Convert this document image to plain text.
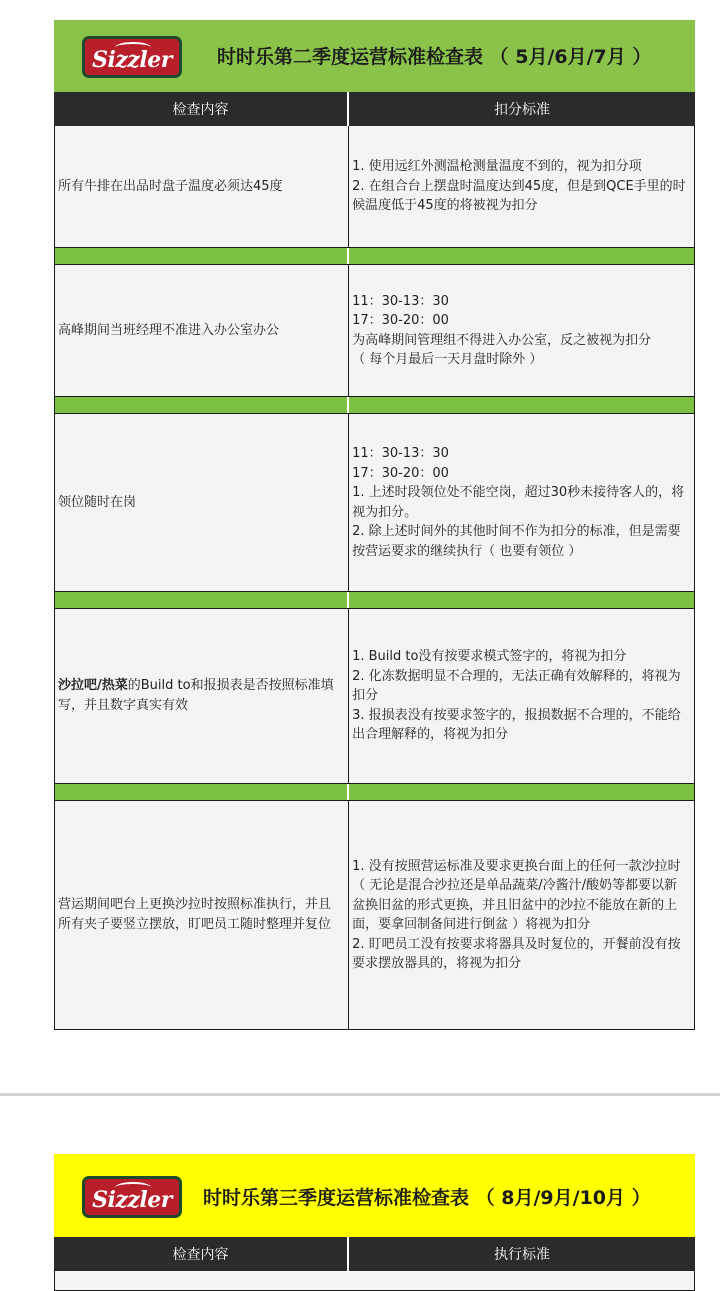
Sizzler 时时乐第二季度运营标准检查表 （ 5月/6月/7月 ）
检查内容	扣分标准
所有牛排在出品时盘子温度必须达45度
1. 使用远红外测温枪测量温度不到的，视为扣分项
2. 在组合台上摆盘时温度达到45度，但是到QCE手里的时
候温度低于45度的将被视为扣分
高峰期间当班经理不准进入办公室办公
11：30-13：30
17：30-20：00
为高峰期间管理组不得进入办公室，反之被视为扣分
（ 每个月最后一天月盘时除外 ）
领位随时在岗
11：30-13：30
17：30-20：00
1. 上述时段领位处不能空岗，超过30秒未接待客人的，将
视为扣分。
2. 除上述时间外的其他时间不作为扣分的标准，但是需要
按营运要求的继续执行（ 也要有领位 ）
沙拉吧/热菜的Build to和报损表是否按照标准填
写，并且数字真实有效
1. Build to没有按要求模式签字的，将视为扣分
2. 化冻数据明显不合理的，无法正确有效解释的，将视为
扣分
3. 报损表没有按要求签字的，报损数据不合理的，不能给
出合理解释的，将视为扣分
营运期间吧台上更换沙拉时按照标准执行，并且
所有夹子要竖立摆放，盯吧员工随时整理并复位
1. 没有按照营运标准及要求更换台面上的任何一款沙拉时
（ 无论是混合沙拉还是单品蔬菜/冷酱汁/酸奶等都要以新
盆换旧盆的形式更换，并且旧盆中的沙拉不能放在新的上
面，要拿回制备间进行倒盆 ）将视为扣分
2. 盯吧员工没有按要求将器具及时复位的，开餐前没有按
要求摆放器具的，将视为扣分
Sizzler 时时乐第三季度运营标准检查表 （ 8月/9月/10月 ）
检查内容	执行标准
